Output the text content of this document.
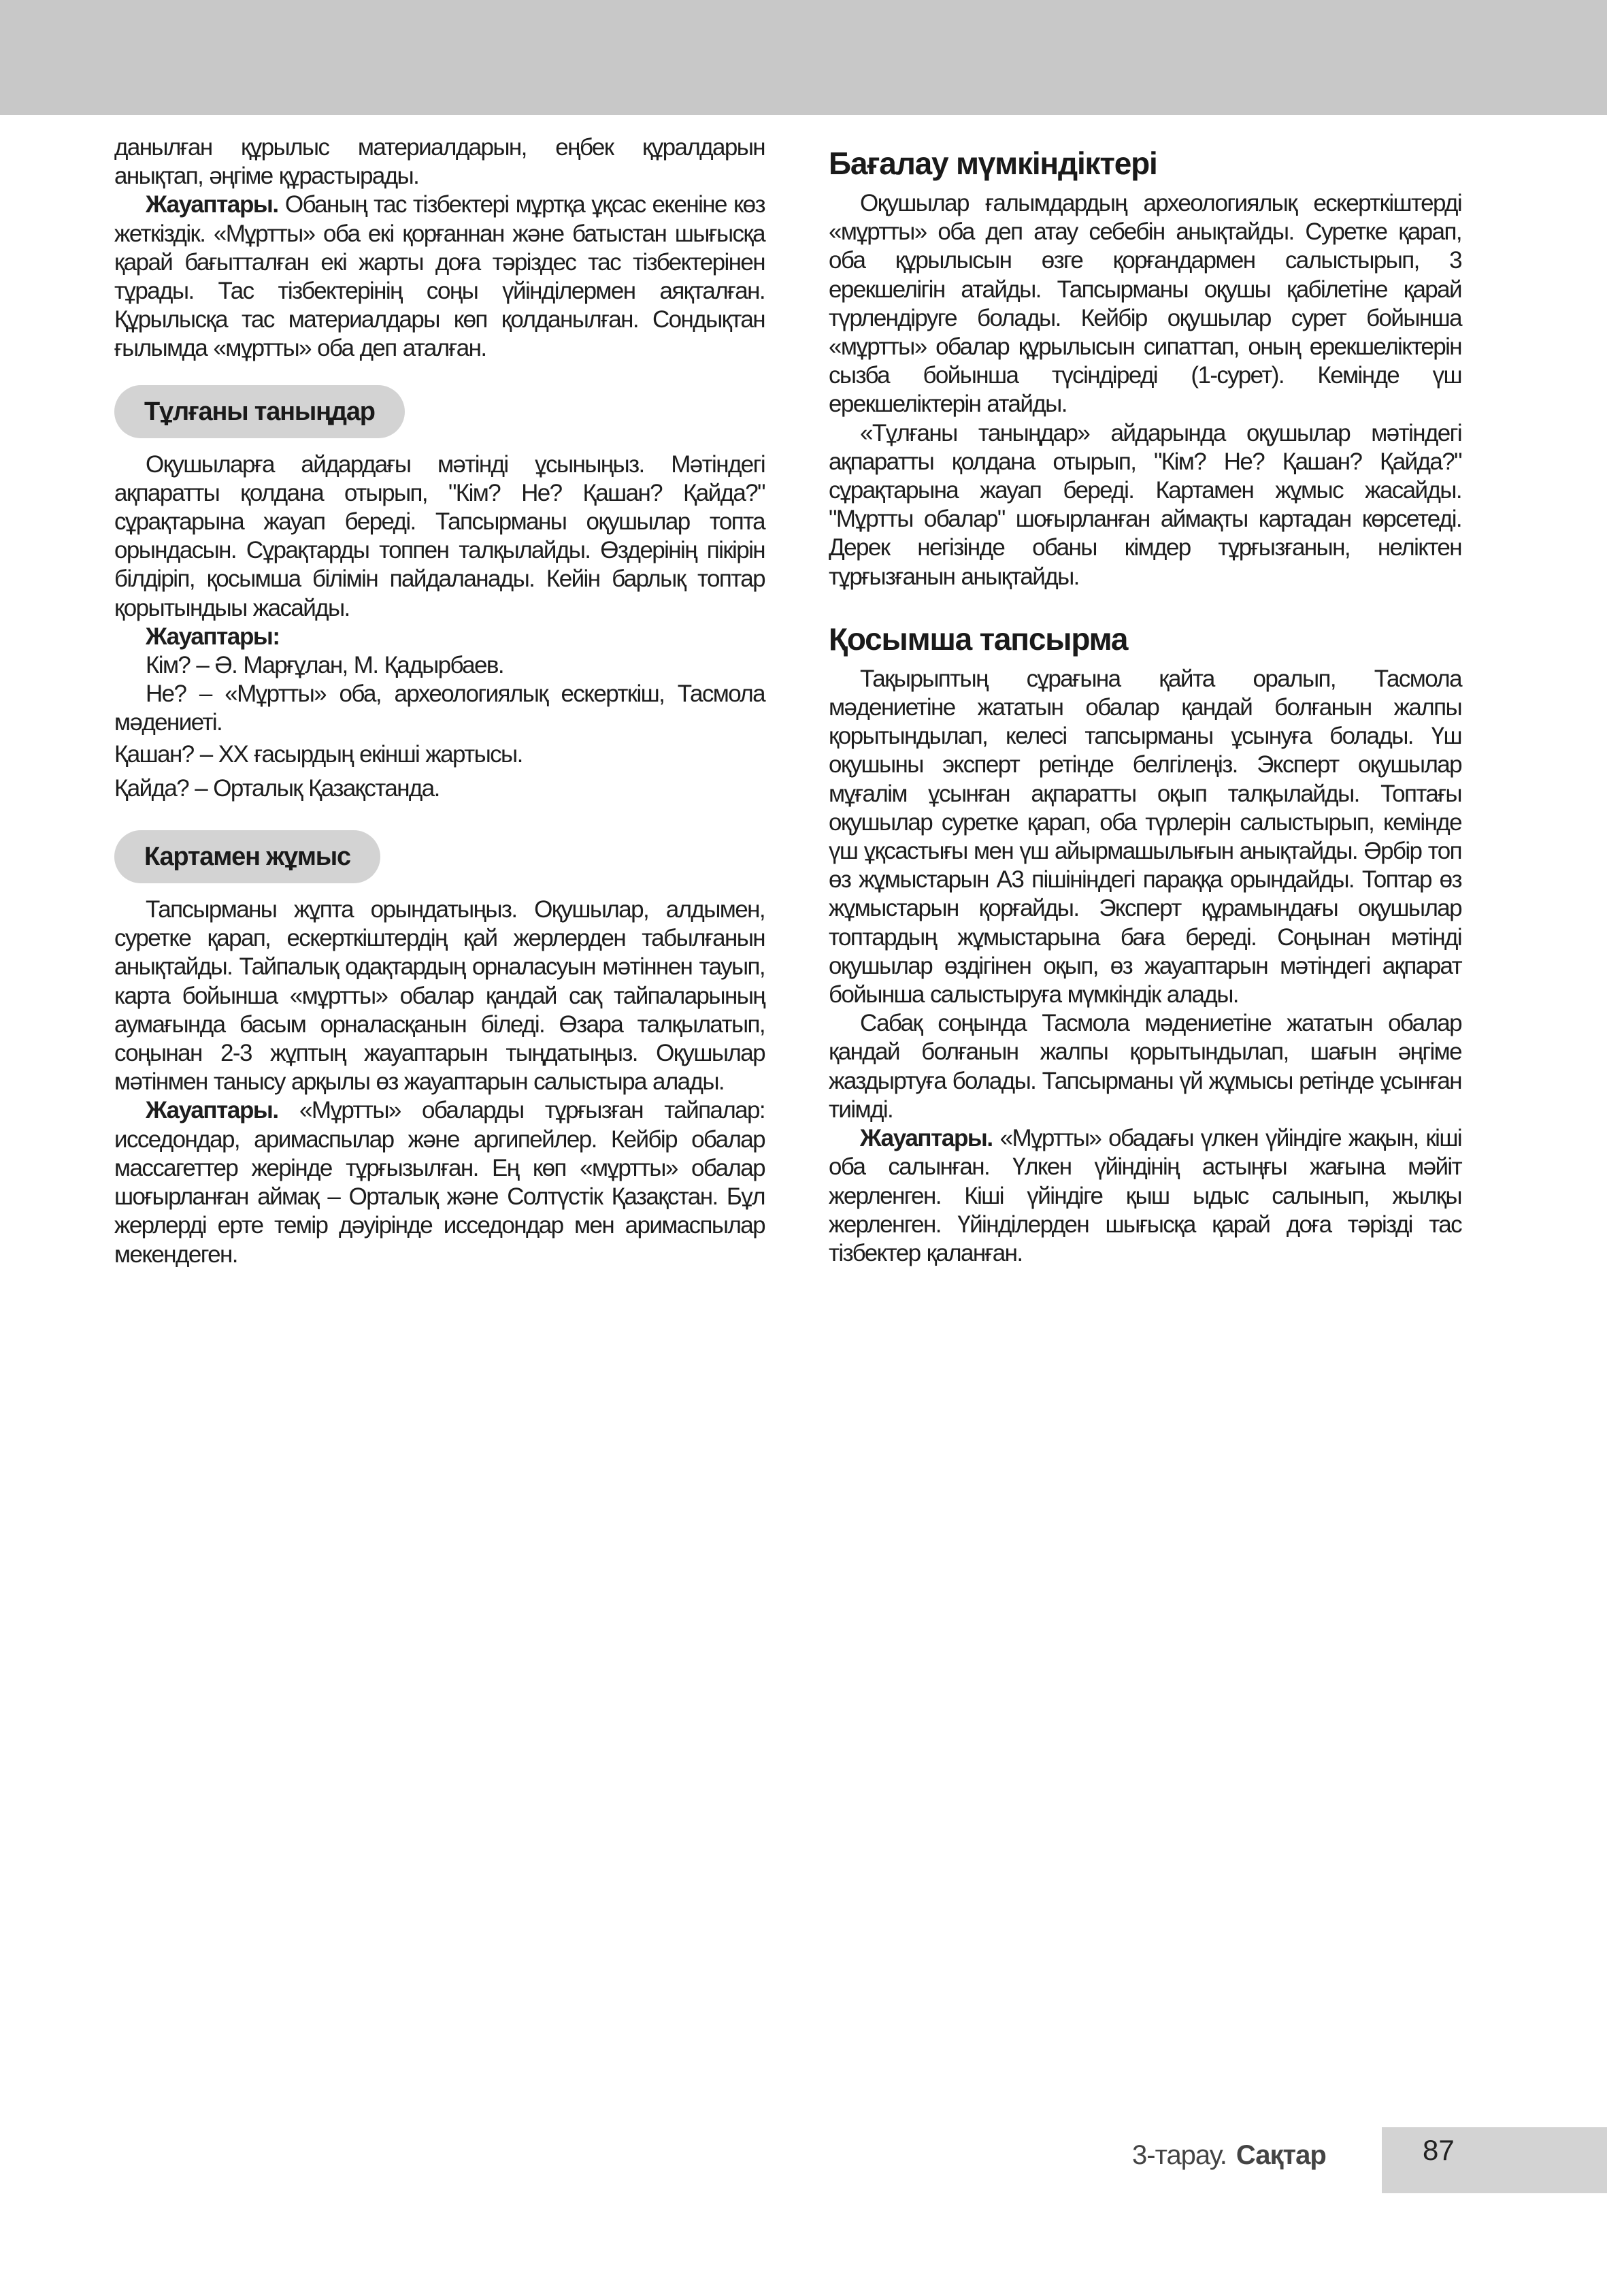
данылған құрылыс материалдарын, еңбек құралдарын анықтап, әңгіме құрастырады.

Жауаптары. Обаның тас тізбектері мұртқа ұқсас екеніне көз жеткіздік. «Мұртты» оба екі қорғаннан және батыстан шығысқа қарай бағытталған екі жарты доға тәріздес тас тізбектерінен тұрады. Тас тізбектерінің соңы үйінділермен аяқталған. Құрылысқа тас материалдары көп қолданылған. Сондықтан ғылымда «мұртты» оба деп аталған.

Тұлғаны таныңдар

Оқушыларға айдардағы мәтінді ұсыныңыз. Мәтіндегі ақпаратты қолдана отырып, "Кім? Не? Қашан? Қайда?" сұрақтарына жауап береді. Тапсырманы оқушылар топта орындасын. Сұрақтарды топпен талқылайды. Өздерінің пікірін білдіріп, қосымша білімін пайдаланады. Кейін барлық топтар қорытындыы жасайды.

Жауаптары:

Кім? – Ә. Марғұлан, М. Қадырбаев.

Не? – «Мұртты» оба, археологиялық ескерткіш, Тасмола мәдениеті.

Қашан? – ХХ ғасырдың екінші жартысы.

Қайда? – Орталық Қазақстанда.

Картамен жұмыс

Тапсырманы жұпта орындатыңыз. Оқушылар, алдымен, суретке қарап, ескерткіштердің қай жерлерден табылғанын анықтайды. Тайпалық одақтардың орналасуын мәтіннен тауып, карта бойынша «мұртты» обалар қандай сақ тайпаларының аумағында басым орналасқанын біледі. Өзара талқылатып, соңынан 2-3 жұптың жауаптарын тыңдатыңыз. Оқушылар мәтінмен танысу арқылы өз жауаптарын салыстыра алады.

Жауаптары. «Мұртты» обаларды тұрғызған тайпалар: исседондар, аримаспылар және аргипейлер. Кейбір обалар массагеттер жерінде тұрғызылған. Ең көп «мұртты» обалар шоғырланған аймақ – Орталық және Солтүстік Қазақстан. Бұл жерлерді ерте темір дәуірінде исседондар мен аримаспылар мекендеген.

Бағалау мүмкіндіктері

Оқушылар ғалымдардың археологиялық ескерткіштерді «мұртты» оба деп атау себебін анықтайды. Суретке қарап, оба құрылысын өзге қорғандармен салыстырып, 3 ерекшелігін атайды. Тапсырманы оқушы қабілетіне қарай түрлендіруге болады. Кейбір оқушылар сурет бойынша «мұртты» обалар құрылысын сипаттап, оның ерекшеліктерін сызба бойынша түсіндіреді (1-сурет). Кемінде үш ерекшеліктерін атайды.

«Тұлғаны таныңдар» айдарында оқушылар мәтіндегі ақпаратты қолдана отырып, "Кім? Не? Қашан? Қайда?" сұрақтарына жауап береді. Картамен жұмыс жасайды. "Мұртты обалар" шоғырланған аймақты картадан көрсетеді. Дерек негізінде обаны кімдер тұрғызғанын, неліктен тұрғызғанын анықтайды.

Қосымша тапсырма

Тақырыптың сұрағына қайта оралып, Тасмола мәдениетіне жататын обалар қандай болғанын жалпы қорытындылап, келесі тапсырманы ұсынуға болады. Үш оқушыны эксперт ретінде белгілеңіз. Эксперт оқушылар мұғалім ұсынған ақпаратты оқып талқылайды. Топтағы оқушылар суретке қарап, оба түрлерін салыстырып, кемінде үш ұқсастығы мен үш айырмашылығын анықтайды. Әрбір топ өз жұмыстарын А3 пішініндегі параққа орындайды. Топтар өз жұмыстарын қорғайды. Эксперт құрамындағы оқушылар топтардың жұмыстарына баға береді. Соңынан мәтінді оқушылар өздігінен оқып, өз жауаптарын мәтіндегі ақпарат бойынша салыстыруға мүмкіндік алады.

Сабақ соңында Тасмола мәдениетіне жататын обалар қандай болғанын жалпы қорытындылап, шағын әңгіме жаздыртуға болады. Тапсырманы үй жұмысы ретінде ұсынған тиімді.

Жауаптары. «Мұртты» обадағы үлкен үйіндіге жақын, кіші оба салынған. Үлкен үйіндінің астыңғы жағына мәйіт жерленген. Кіші үйіндіге қыш ыдыс салынып, жылқы жерленген. Үйінділерден шығысқа қарай доға тәрізді тас тізбектер қаланған.

3-тарау. Сақтар	87
